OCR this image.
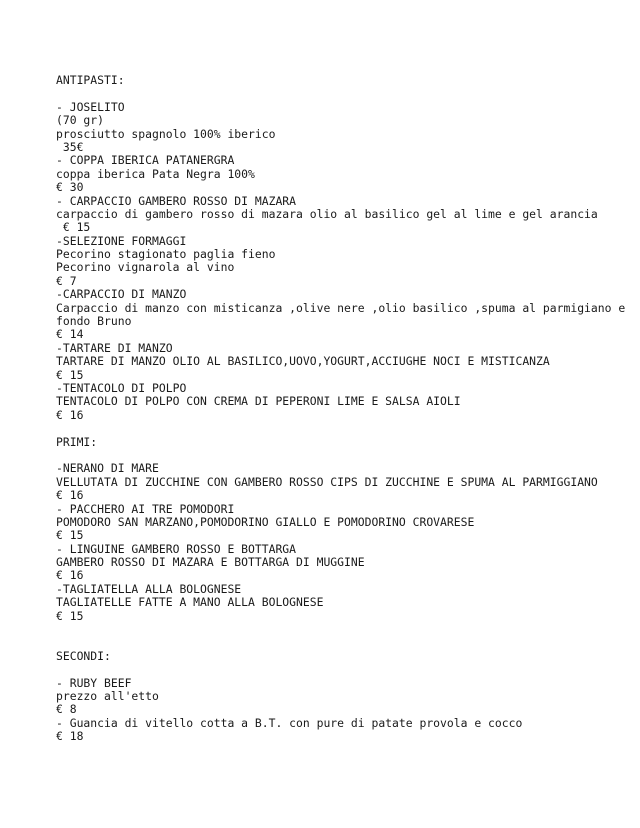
ANTIPASTI:
- JOSELITO
(70 gr)
prosciutto spagnolo 100% iberico
35€
- COPPA IBERICA PATANERGRA
coppa iberica Pata Negra 100%
€ 30
- CARPACCIO GAMBERO ROSSO DI MAZARA
carpaccio di gambero rosso di mazara olio al basilico gel al lime e gel arancia
€ 15
-SELEZIONE FORMAGGI
Pecorino stagionato paglia fieno
Pecorino vignarola al vino
€ 7
-CARPACCIO DI MANZO
Carpaccio di manzo con misticanza ,olive nere ,olio basilico ,spuma al parmigiano e
fondo Bruno
€ 14
-TARTARE DI MANZO
TARTARE DI MANZO OLIO AL BASILICO,UOVO,YOGURT,ACCIUGHE NOCI E MISTICANZA
€ 15
-TENTACOLO DI POLPO
TENTACOLO DI POLPO CON CREMA DI PEPERONI LIME E SALSA AIOLI
€ 16
PRIMI:
-NERANO DI MARE
VELLUTATA DI ZUCCHINE CON GAMBERO ROSSO CIPS DI ZUCCHINE E SPUMA AL PARMIGGIANO
€ 16
- PACCHERO AI TRE POMODORI
POMODORO SAN MARZANO,POMODORINO GIALLO E POMODORINO CROVARESE
€ 15
- LINGUINE GAMBERO ROSSO E BOTTARGA
GAMBERO ROSSO DI MAZARA E BOTTARGA DI MUGGINE
€ 16
-TAGLIATELLA ALLA BOLOGNESE
TAGLIATELLE FATTE A MANO ALLA BOLOGNESE
€ 15
SECONDI:
- RUBY BEEF
prezzo all'etto
€ 8
- Guancia di vitello cotta a B.T. con pure di patate provola e cocco
€ 18
